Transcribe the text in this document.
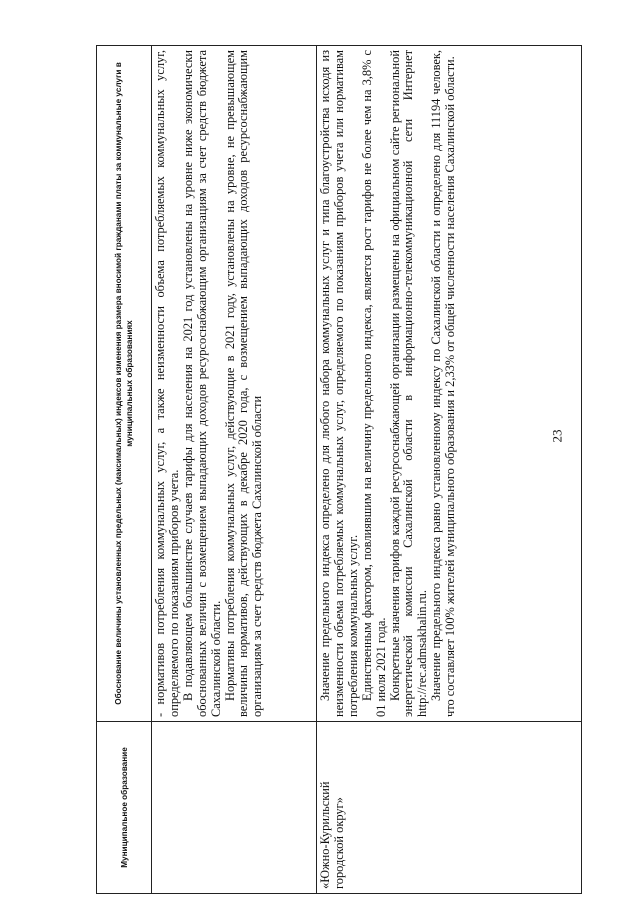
23
Муниципальное образование	Обоснование величины установленных предельных (максимальных) индексов изменения размера вносимой гражданами платы за коммунальные услуги в муниципальных образованиях

	- нормативов потребления коммунальных услуг, а также неизменности объема потребляемых коммунальных услуг, определяемого по показаниям приборов учета. В подавляющем большинстве случаев тарифы для населения на 2021 год установлены на уровне ниже экономически обоснованных величин с возмещением выпадающих доходов ресурсоснабжающим организациям за счет средств бюджета Сахалинской области. Нормативы потребления коммунальных услуг, действующие в 2021 году, установлены на уровне, не превышающем величины нормативов, действующих в декабре 2020 года, с возмещением выпадающих доходов ресурсоснабжающим организациям за счет средств бюджета Сахалинской области

«Южно-Курильский городской округ»	Значение предельного индекса определено для любого набора коммунальных услуг и типа благоустройства исходя из неизменности объема потребляемых коммунальных услуг, определяемого по показаниям приборов учета или нормативам потребления коммунальных услуг. Единственным фактором, повлиявшим на величину предельного индекса, является рост тарифов не более чем на 3,8% с 01 июля 2021 года. Конкретные значения тарифов каждой ресурсоснабжающей организации размещены на официальном сайте региональной энергетической комиссии Сахалинской области в информационно-телекоммуникационной сети Интернет http://rec.admsakhalin.ru. Значение предельного индекса равно установленному индексу по Сахалинской области и определено для 11194 человек, что составляет 100% жителей муниципального образования и 2,33% от общей численности населения Сахалинской области.
